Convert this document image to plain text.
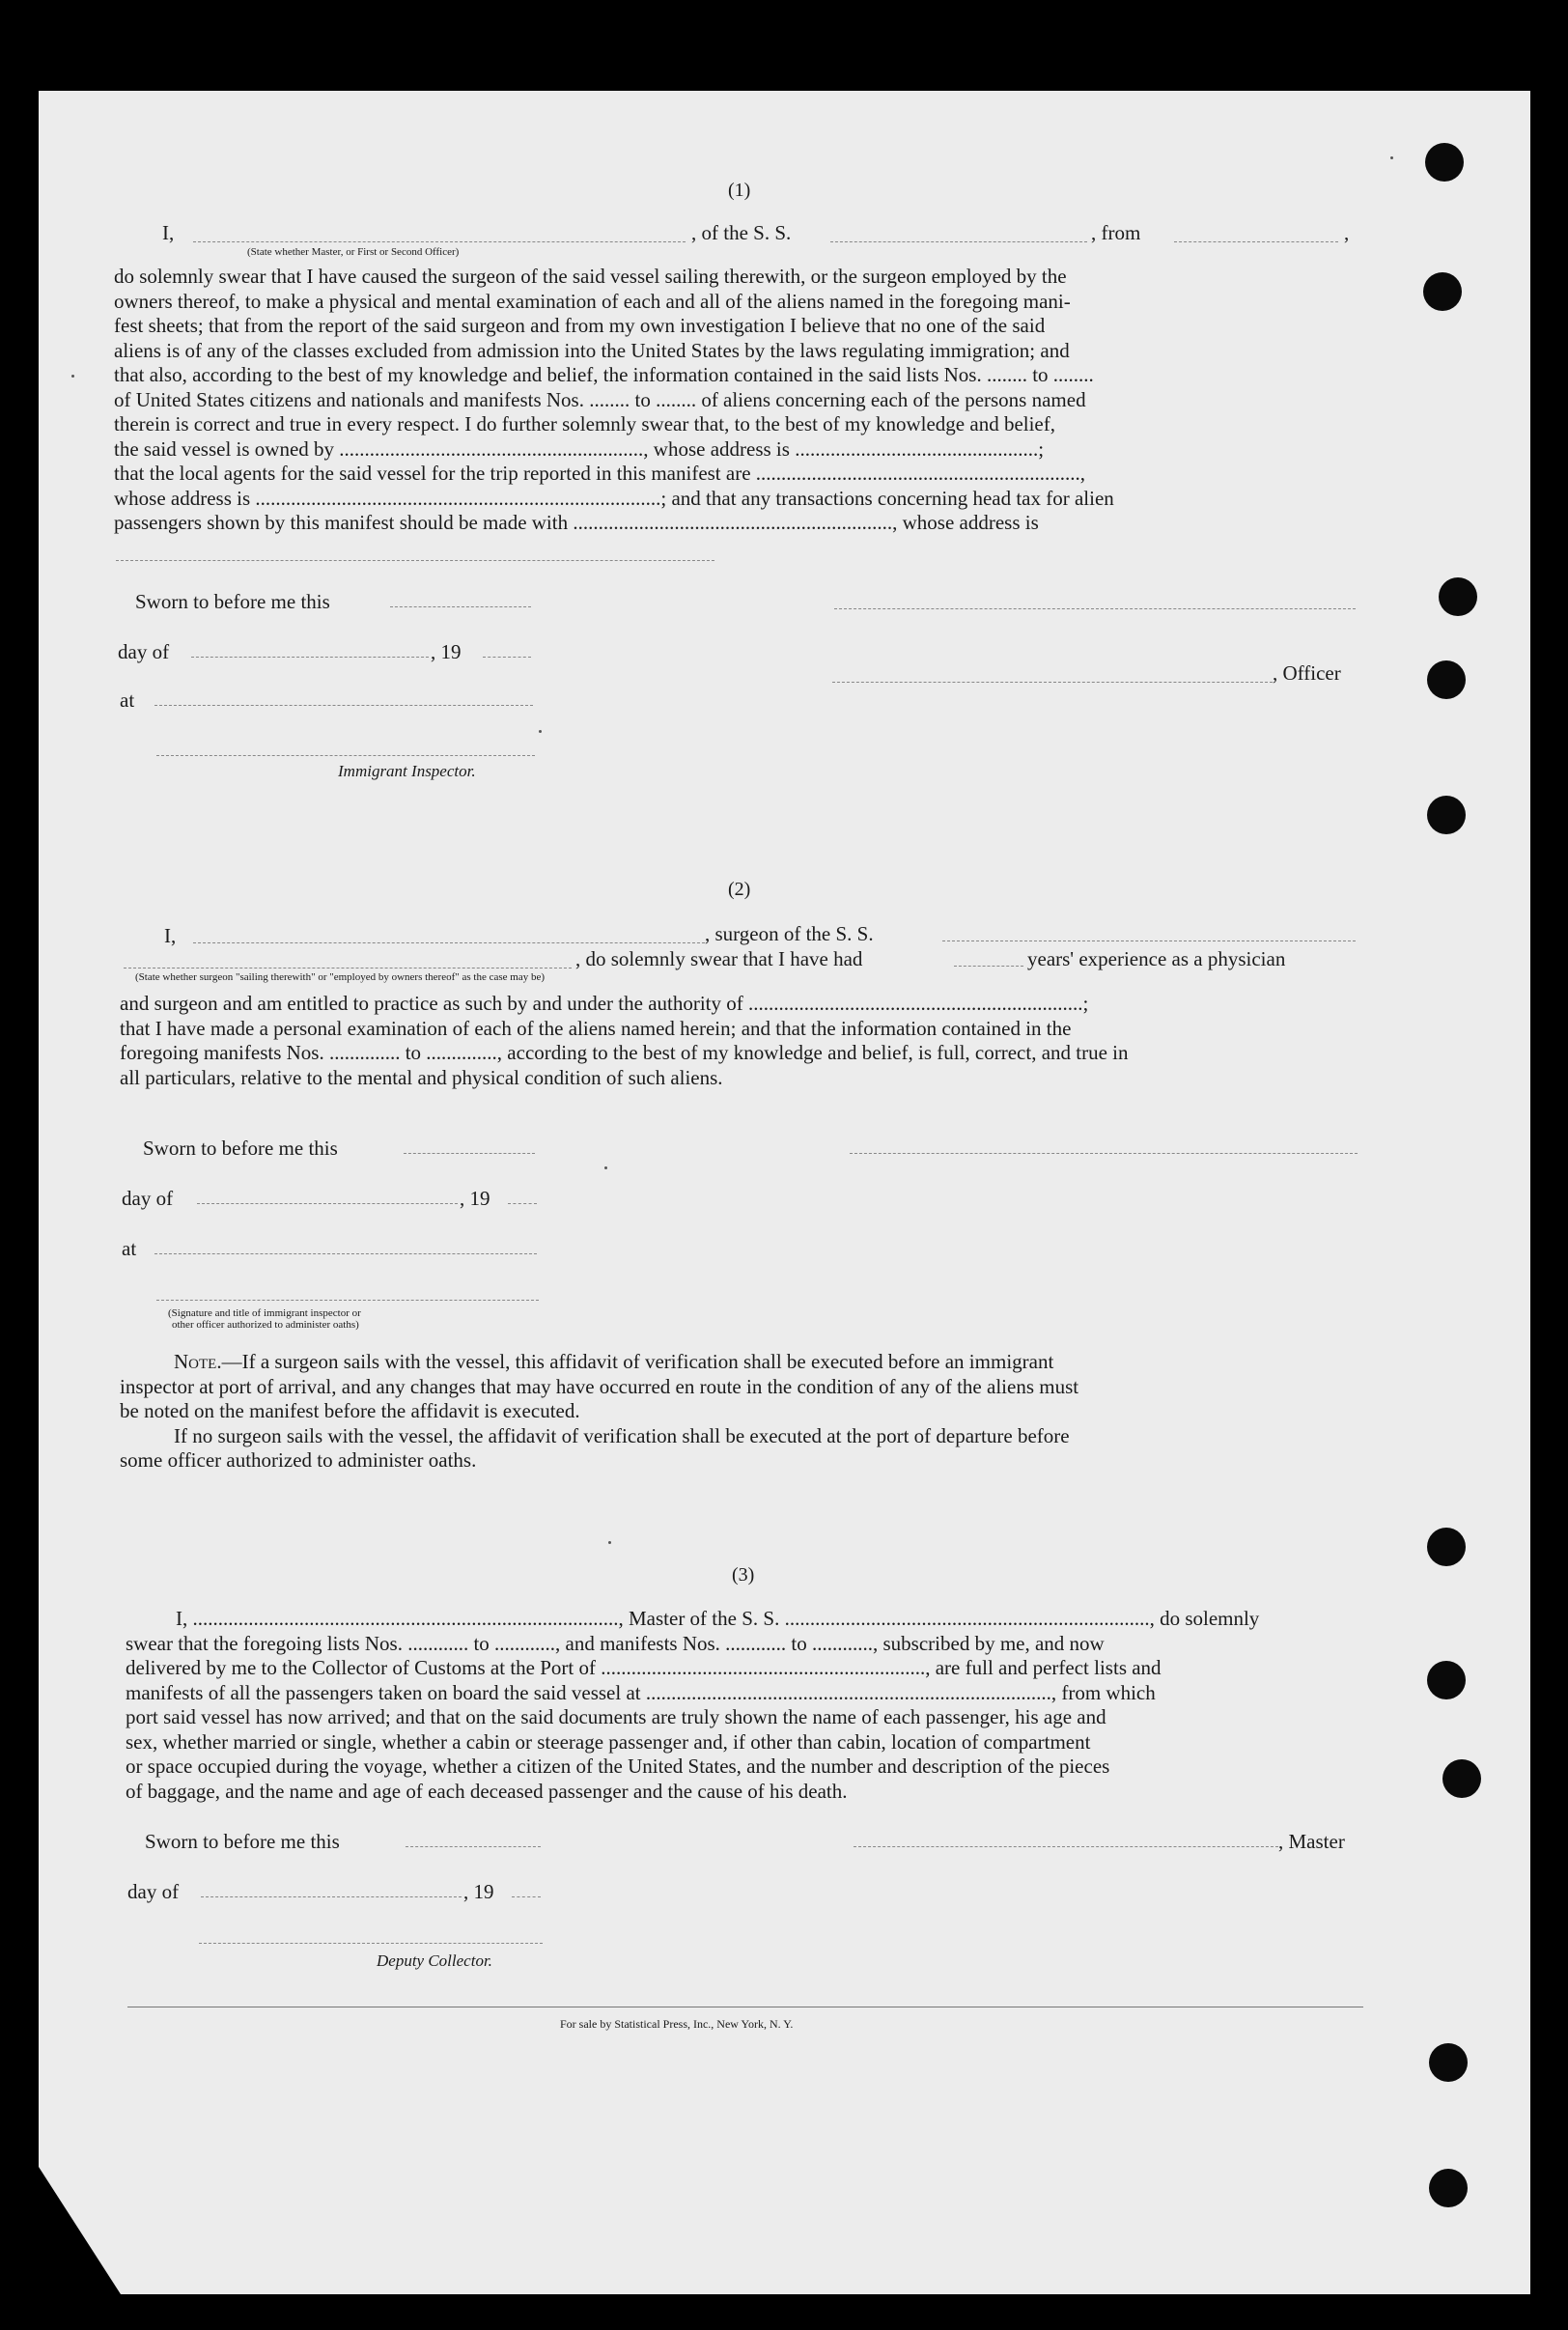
(1)
I,
(State whether Master, or First or Second Officer)
, of the S. S.	, from	,
do solemnly swear that I have caused the surgeon of the said vessel sailing therewith, or the surgeon employed by the
owners thereof, to make a physical and mental examination of each and all of the aliens named in the foregoing mani-
fest sheets; that from the report of the said surgeon and from my own investigation I believe that no one of the said
aliens is of any of the classes excluded from admission into the United States by the laws regulating immigration; and
that also, according to the best of my knowledge and belief, the information contained in the said lists Nos. ........ to ........
of United States citizens and nationals and manifests Nos. ........ to ........ of aliens concerning each of the persons named
therein is correct and true in every respect. I do further solemnly swear that, to the best of my knowledge and belief,
the said vessel is owned by ............................................................, whose address is ................................................;
that the local agents for the said vessel for the trip reported in this manifest are ................................................................,
whose address is ................................................................................; and that any transactions concerning head tax for alien
passengers shown by this manifest should be made with ..............................................................., whose address is
Sworn to before me this
day of	, 19
, Officer
at
Immigrant Inspector.
(2)
I,	, surgeon of the S. S.
(State whether surgeon "sailing therewith" or "employed by owners thereof" as the case may be)
, do solemnly swear that I have had	years' experience as a physician
and surgeon and am entitled to practice as such by and under the authority of ..................................................................;
that I have made a personal examination of each of the aliens named herein; and that the information contained in the
foregoing manifests Nos. .............. to .............., according to the best of my knowledge and belief, is full, correct, and true in
all particulars, relative to the mental and physical condition of such aliens.
Sworn to before me this
day of	, 19
at
(Signature and title of immigrant inspector or
other officer authorized to administer oaths)
Note. —If a surgeon sails with the vessel, this affidavit of verification shall be executed before an immigrant
inspector at port of arrival, and any changes that may have occurred en route in the condition of any of the aliens must
be noted on the manifest before the affidavit is executed.
If no surgeon sails with the vessel, the affidavit of verification shall be executed at the port of departure before
some officer authorized to administer oaths.
(3)
I, ...................................................................................., Master of the S. S. ........................................................................, do solemnly
swear that the foregoing lists Nos. ............ to ............, and manifests Nos. ............ to ............, subscribed by me, and now
delivered by me to the Collector of Customs at the Port of ................................................................, are full and perfect lists and
manifests of all the passengers taken on board the said vessel at ................................................................................, from which
port said vessel has now arrived; and that on the said documents are truly shown the name of each passenger, his age and
sex, whether married or single, whether a cabin or steerage passenger and, if other than cabin, location of compartment
or space occupied during the voyage, whether a citizen of the United States, and the number and description of the pieces
of baggage, and the name and age of each deceased passenger and the cause of his death.
Sworn to before me this	, Master
day of	, 19
Deputy Collector.
For sale by Statistical Press, Inc., New York, N. Y.
